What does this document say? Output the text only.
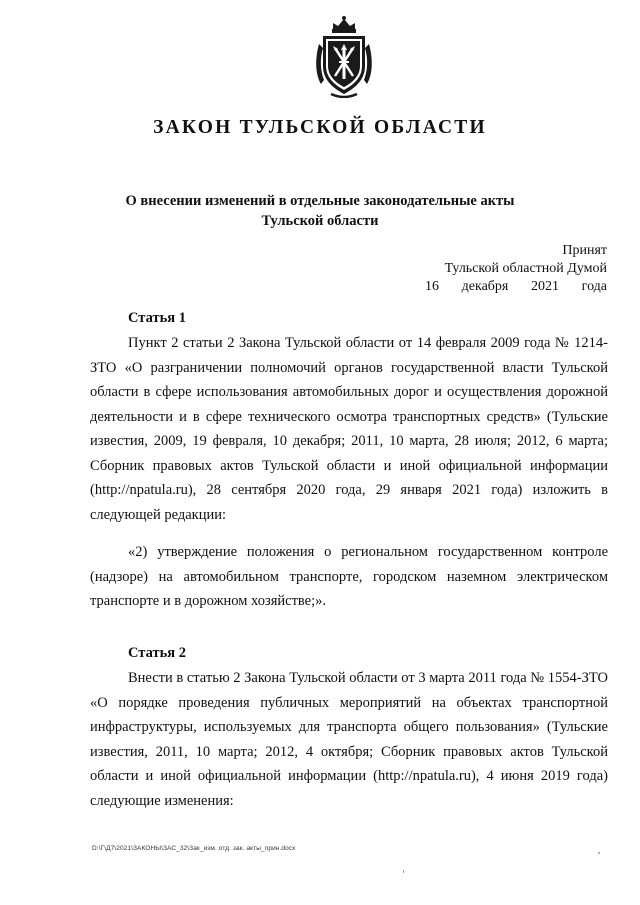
ЗАКОН ТУЛЬСКОЙ ОБЛАСТИ
О внесении изменений в отдельные законодательные акты
Тульской области
Принят
Тульской областной Думой
16 декабря 2021 года
Статья 1

Пункт 2 статьи 2 Закона Тульской области от 14 февраля 2009 года № 1214-ЗТО «О разграничении полномочий органов государственной власти Тульской области в сфере использования автомобильных дорог и осуществления дорожной деятельности и в сфере технического осмотра транспортных средств» (Тульские известия, 2009, 19 февраля, 10 декабря; 2011, 10 марта, 28 июля; 2012, 6 марта; Сборник правовых актов Тульской области и иной официальной информации (http://npatula.ru), 28 сентября 2020 года, 29 января 2021 года) изложить в следующей редакции:

«2) утверждение положения о региональном государственном контроле (надзоре) на автомобильном транспорте, городском наземном электрическом транспорте и в дорожном хозяйстве;».

Статья 2

Внести в статью 2 Закона Тульской области от 3 марта 2011 года № 1554-ЗТО «О порядке проведения публичных мероприятий на объектах транспортной инфраструктуры, используемых для транспорта общего пользования» (Тульские известия, 2011, 10 марта; 2012, 4 октября; Сборник правовых актов Тульской области и иной официальной информации (http://npatula.ru), 4 июня 2019 года) следующие изменения:

D:\Г\Д7\2021\ЗАКОНЫ\ЗАС_32\Зак_изм. отд. зак. акты_прин.docx
